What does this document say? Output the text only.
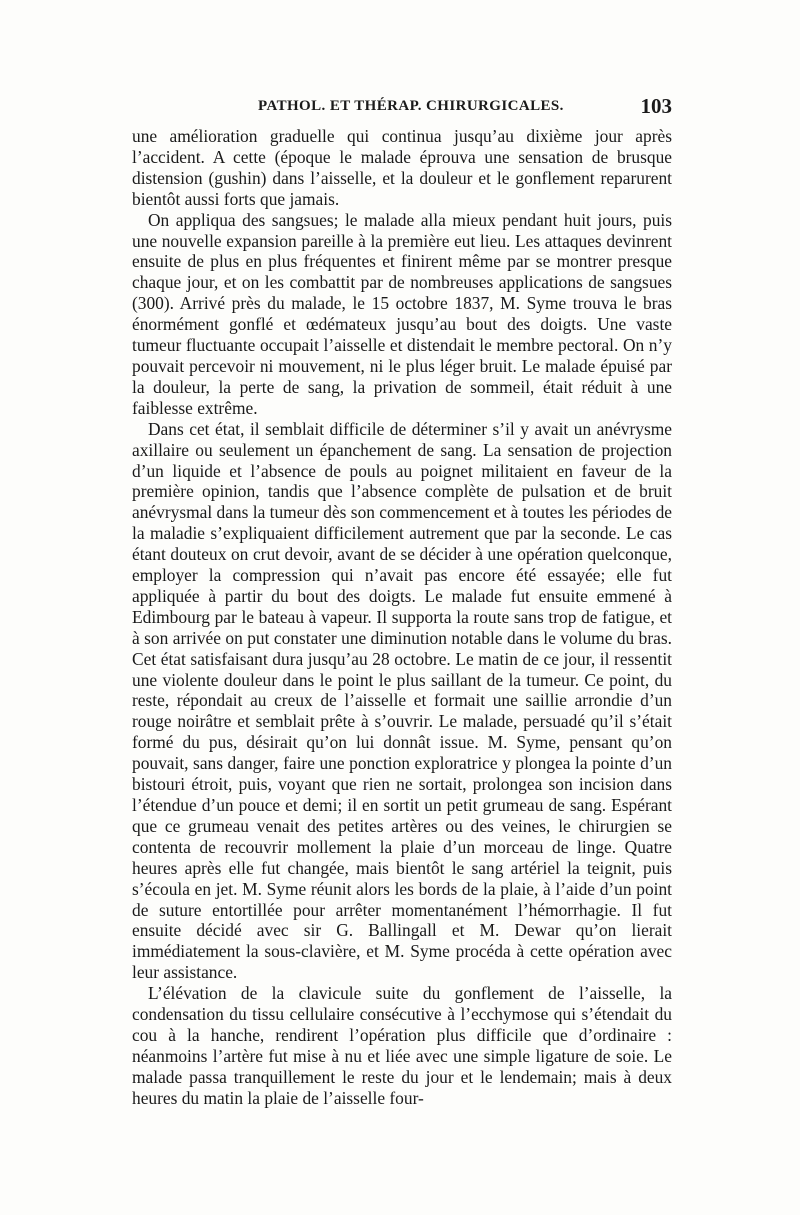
PATHOL. ET THÉRAP. CHIRURGICALES.	103

une amélioration graduelle qui continua jusqu’au dixième jour après l’accident. A cette (époque le malade éprouva une sensation de brusque distension (gushin) dans l’aisselle, et la douleur et le gonflement reparurent bientôt aussi forts que jamais.

On appliqua des sangsues; le malade alla mieux pendant huit jours, puis une nouvelle expansion pareille à la première eut lieu. Les attaques devinrent ensuite de plus en plus fréquentes et finirent même par se montrer presque chaque jour, et on les combattit par de nombreuses applications de sangsues (300). Arrivé près du malade, le 15 octobre 1837, M. Syme trouva le bras énormément gonflé et œdémateux jusqu’au bout des doigts. Une vaste tumeur fluctuante occupait l’aisselle et distendait le membre pectoral. On n’y pouvait percevoir ni mouvement, ni le plus léger bruit. Le malade épuisé par la douleur, la perte de sang, la privation de sommeil, était réduit à une faiblesse extrême.

Dans cet état, il semblait difficile de déterminer s’il y avait un anévrysme axillaire ou seulement un épanchement de sang. La sensation de projection d’un liquide et l’absence de pouls au poignet militaient en faveur de la première opinion, tandis que l’absence complète de pulsation et de bruit anévrysmal dans la tumeur dès son commencement et à toutes les périodes de la maladie s’expliquaient difficilement autrement que par la seconde. Le cas étant douteux on crut devoir, avant de se décider à une opération quelconque, employer la compression qui n’avait pas encore été essayée; elle fut appliquée à partir du bout des doigts. Le malade fut ensuite emmené à Edimbourg par le bateau à vapeur. Il supporta la route sans trop de fatigue, et à son arrivée on put constater une diminution notable dans le volume du bras. Cet état satisfaisant dura jusqu’au 28 octobre. Le matin de ce jour, il ressentit une violente douleur dans le point le plus saillant de la tumeur. Ce point, du reste, répondait au creux de l’aisselle et formait une saillie arrondie d’un rouge noirâtre et semblait prête à s’ouvrir. Le malade, persuadé qu’il s’était formé du pus, désirait qu’on lui donnât issue. M. Syme, pensant qu’on pouvait, sans danger, faire une ponction exploratrice y plongea la pointe d’un bistouri étroit, puis, voyant que rien ne sortait, prolongea son incision dans l’étendue d’un pouce et demi; il en sortit un petit grumeau de sang. Espérant que ce grumeau venait des petites artères ou des veines, le chirurgien se contenta de recouvrir mollement la plaie d’un morceau de linge. Quatre heures après elle fut changée, mais bientôt le sang artériel la teignit, puis s’écoula en jet. M. Syme réunit alors les bords de la plaie, à l’aide d’un point de suture entortillée pour arrêter momentanément l’hémorrhagie. Il fut ensuite décidé avec sir G. Ballingall et M. Dewar qu’on lierait immédiatement la sous-clavière, et M. Syme procéda à cette opération avec leur assistance.

L’élévation de la clavicule suite du gonflement de l’aisselle, la condensation du tissu cellulaire consécutive à l’ecchymose qui s’étendait du cou à la hanche, rendirent l’opération plus difficile que d’ordinaire : néanmoins l’artère fut mise à nu et liée avec une simple ligature de soie. Le malade passa tranquillement le reste du jour et le lendemain; mais à deux heures du matin la plaie de l’aisselle four-
